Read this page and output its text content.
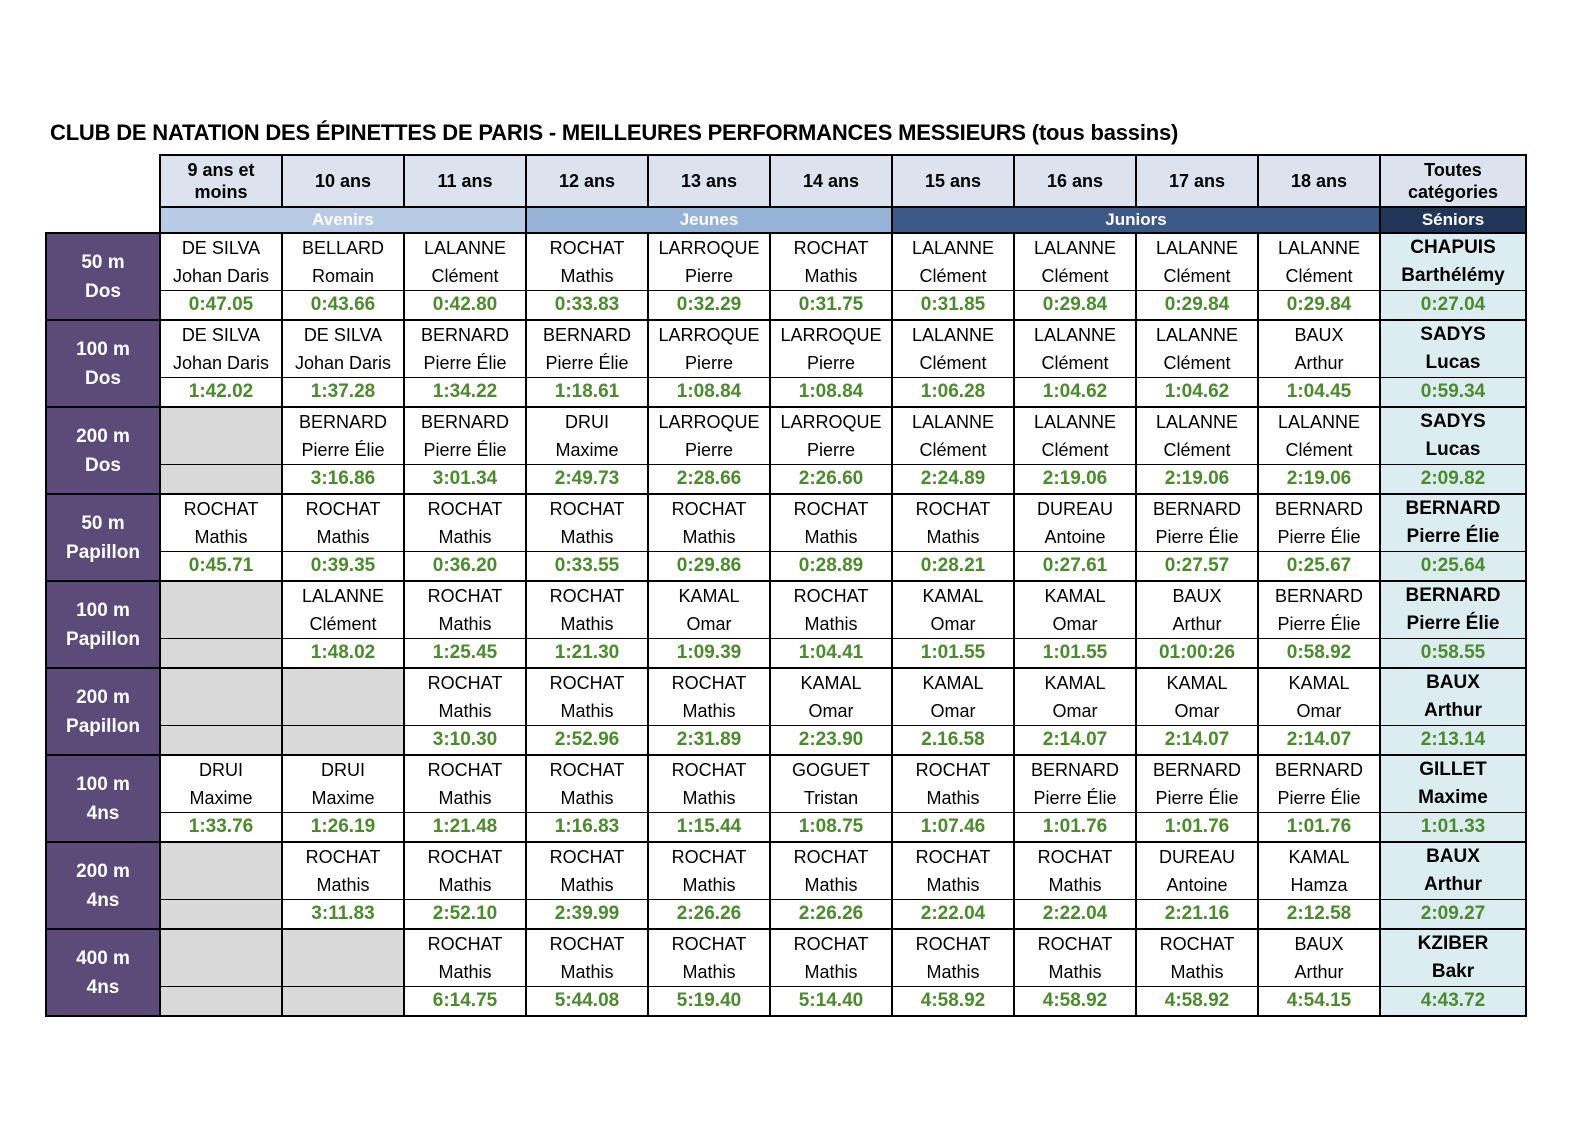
CLUB DE NATATION DES ÉPINETTES DE PARIS - MEILLEURES PERFORMANCES MESSIEURS (tous bassins)
	9 ans et moins	10 ans	11 ans	12 ans	13 ans	14 ans	15 ans	16 ans	17 ans	18 ans	Toutes catégories
	Avenirs			Jeunes			Juniors				Séniors

50 m
Dos	DE SILVA	BELLARD	LALANNE	ROCHAT	LARROQUE	ROCHAT	LALANNE	LALANNE	LALANNE	LALANNE	CHAPUIS
	Johan Daris	Romain	Clément	Mathis	Pierre	Mathis	Clément	Clément	Clément	Clément	Barthélémy
	0:47.05	0:43.66	0:42.80	0:33.83	0:32.29	0:31.75	0:31.85	0:29.84	0:29.84	0:29.84	0:27.04

100 m
Dos	DE SILVA	DE SILVA	BERNARD	BERNARD	LARROQUE	LARROQUE	LALANNE	LALANNE	LALANNE	BAUX	SADYS
	Johan Daris	Johan Daris	Pierre Élie	Pierre Élie	Pierre	Pierre	Clément	Clément	Clément	Arthur	Lucas
	1:42.02	1:37.28	1:34.22	1:18.61	1:08.84	1:08.84	1:06.28	1:04.62	1:04.62	1:04.45	0:59.34

200 m
Dos		BERNARD	BERNARD	DRUI	LARROQUE	LARROQUE	LALANNE	LALANNE	LALANNE	LALANNE	SADYS
		Pierre Élie	Pierre Élie	Maxime	Pierre	Pierre	Clément	Clément	Clément	Clément	Lucas
		3:16.86	3:01.34	2:49.73	2:28.66	2:26.60	2:24.89	2:19.06	2:19.06	2:19.06	2:09.82

50 m
Papillon	ROCHAT	ROCHAT	ROCHAT	ROCHAT	ROCHAT	ROCHAT	ROCHAT	DUREAU	BERNARD	BERNARD	BERNARD
	Mathis	Mathis	Mathis	Mathis	Mathis	Mathis	Mathis	Antoine	Pierre Élie	Pierre Élie	Pierre Élie
	0:45.71	0:39.35	0:36.20	0:33.55	0:29.86	0:28.89	0:28.21	0:27.61	0:27.57	0:25.67	0:25.64

100 m
Papillon		LALANNE	ROCHAT	ROCHAT	KAMAL	ROCHAT	KAMAL	KAMAL	BAUX	BERNARD	BERNARD
		Clément	Mathis	Mathis	Omar	Mathis	Omar	Omar	Arthur	Pierre Élie	Pierre Élie
		1:48.02	1:25.45	1:21.30	1:09.39	1:04.41	1:01.55	1:01.55	01:00:26	0:58.92	0:58.55

200 m
Papillon			ROCHAT	ROCHAT	ROCHAT	KAMAL	KAMAL	KAMAL	KAMAL	KAMAL	BAUX
			Mathis	Mathis	Mathis	Omar	Omar	Omar	Omar	Omar	Arthur
			3:10.30	2:52.96	2:31.89	2:23.90	2.16.58	2:14.07	2:14.07	2:14.07	2:13.14

100 m
4ns	DRUI	DRUI	ROCHAT	ROCHAT	ROCHAT	GOGUET	ROCHAT	BERNARD	BERNARD	BERNARD	GILLET
	Maxime	Maxime	Mathis	Mathis	Mathis	Tristan	Mathis	Pierre Élie	Pierre Élie	Pierre Élie	Maxime
	1:33.76	1:26.19	1:21.48	1:16.83	1:15.44	1:08.75	1:07.46	1:01.76	1:01.76	1:01.76	1:01.33

200 m
4ns		ROCHAT	ROCHAT	ROCHAT	ROCHAT	ROCHAT	ROCHAT	ROCHAT	DUREAU	KAMAL	BAUX
		Mathis	Mathis	Mathis	Mathis	Mathis	Mathis	Mathis	Antoine	Hamza	Arthur
		3:11.83	2:52.10	2:39.99	2:26.26	2:26.26	2:22.04	2:22.04	2:21.16	2:12.58	2:09.27

400 m
4ns			ROCHAT	ROCHAT	ROCHAT	ROCHAT	ROCHAT	ROCHAT	ROCHAT	BAUX	KZIBER
			Mathis	Mathis	Mathis	Mathis	Mathis	Mathis	Mathis	Arthur	Bakr
			6:14.75	5:44.08	5:19.40	5:14.40	4:58.92	4:58.92	4:58.92	4:54.15	4:43.72
